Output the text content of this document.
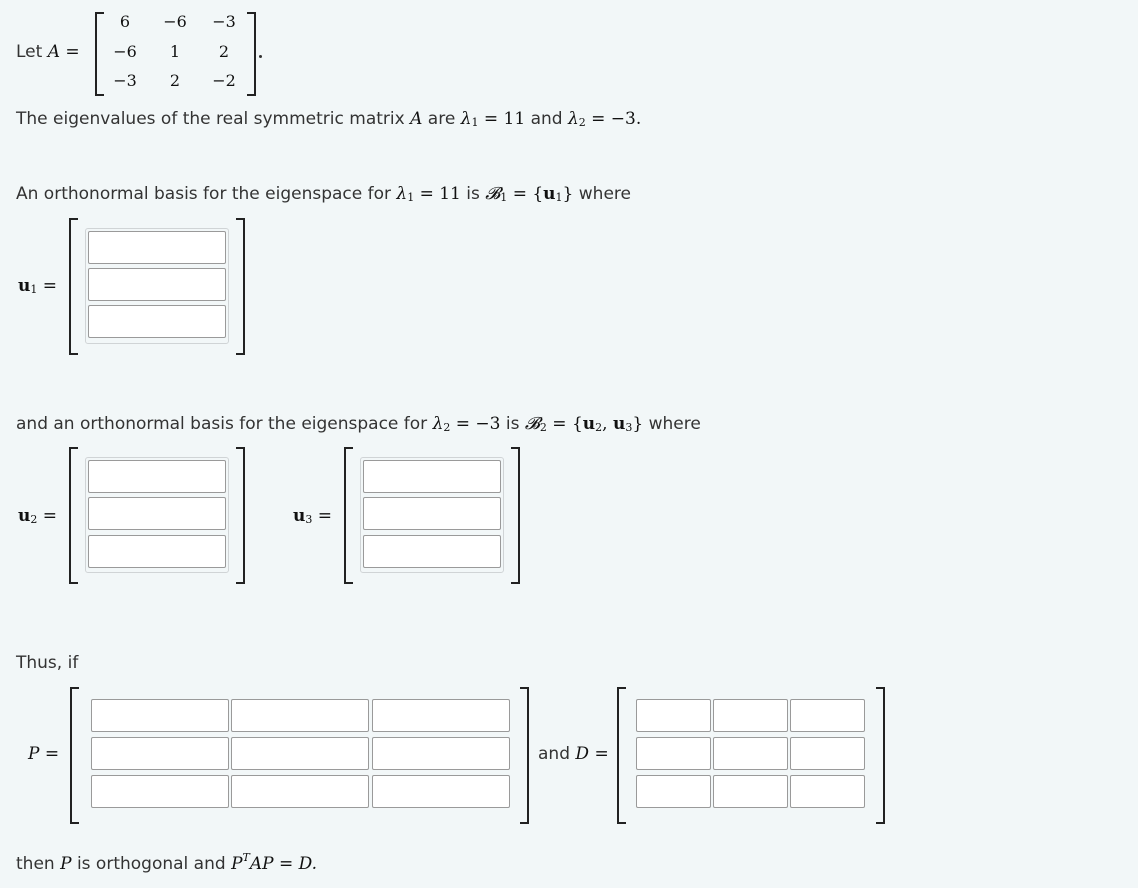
Let A =
6	−6	−3
−6	1	2
−3	2	−2
The eigenvalues of the real symmetric matrix A are $\lambda_1 = 11$ and $\lambda_2 = -3$.
An orthonormal basis for the eigenspace for $\lambda_1 = 11$ is 𝓑$_1$ = $\{u_1\}$ where
$u_1$ =
and an orthonormal basis for the eigenspace for $\lambda_2 = -3$ is 𝓑$_2$ = {$u_2$, $u_3$} where
$u_2$ =	$u_3$ =
Thus, if
P =	and D =
then P is orthogonal and $P^TAP = D$.
